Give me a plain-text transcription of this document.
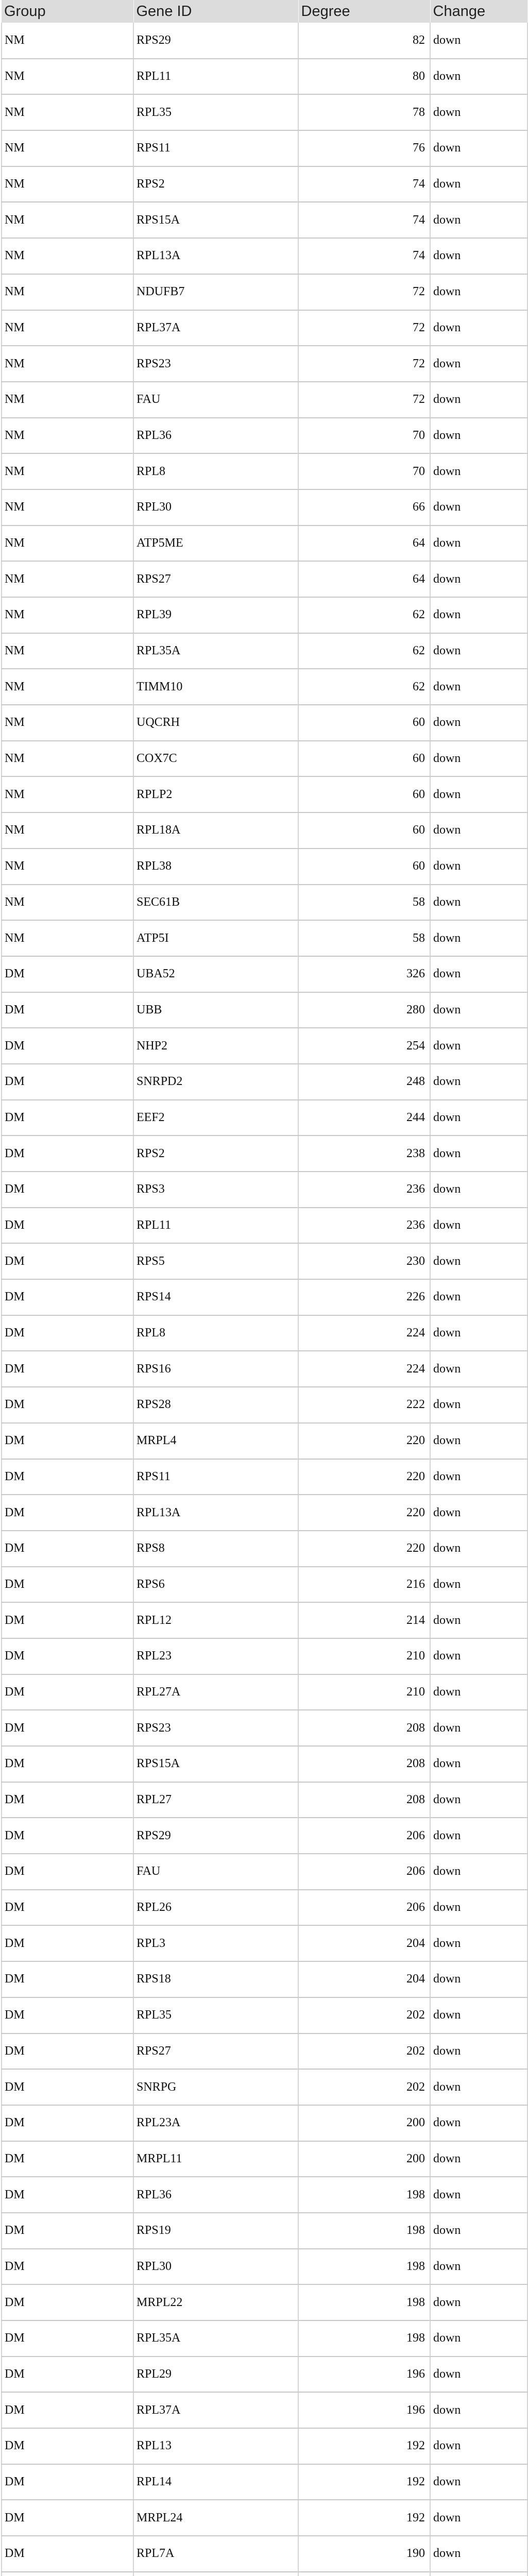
Group	Gene ID	Degree	Change
NM	RPS29	82	down
NM	RPL11	80	down
NM	RPL35	78	down
NM	RPS11	76	down
NM	RPS2	74	down
NM	RPS15A	74	down
NM	RPL13A	74	down
NM	NDUFB7	72	down
NM	RPL37A	72	down
NM	RPS23	72	down
NM	FAU	72	down
NM	RPL36	70	down
NM	RPL8	70	down
NM	RPL30	66	down
NM	ATP5ME	64	down
NM	RPS27	64	down
NM	RPL39	62	down
NM	RPL35A	62	down
NM	TIMM10	62	down
NM	UQCRH	60	down
NM	COX7C	60	down
NM	RPLP2	60	down
NM	RPL18A	60	down
NM	RPL38	60	down
NM	SEC61B	58	down
NM	ATP5I	58	down
DM	UBA52	326	down
DM	UBB	280	down
DM	NHP2	254	down
DM	SNRPD2	248	down
DM	EEF2	244	down
DM	RPS2	238	down
DM	RPS3	236	down
DM	RPL11	236	down
DM	RPS5	230	down
DM	RPS14	226	down
DM	RPL8	224	down
DM	RPS16	224	down
DM	RPS28	222	down
DM	MRPL4	220	down
DM	RPS11	220	down
DM	RPL13A	220	down
DM	RPS8	220	down
DM	RPS6	216	down
DM	RPL12	214	down
DM	RPL23	210	down
DM	RPL27A	210	down
DM	RPS23	208	down
DM	RPS15A	208	down
DM	RPL27	208	down
DM	RPS29	206	down
DM	FAU	206	down
DM	RPL26	206	down
DM	RPL3	204	down
DM	RPS18	204	down
DM	RPL35	202	down
DM	RPS27	202	down
DM	SNRPG	202	down
DM	RPL23A	200	down
DM	MRPL11	200	down
DM	RPL36	198	down
DM	RPS19	198	down
DM	RPL30	198	down
DM	MRPL22	198	down
DM	RPL35A	198	down
DM	RPL29	196	down
DM	RPL37A	196	down
DM	RPL13	192	down
DM	RPL14	192	down
DM	MRPL24	192	down
DM	RPL7A	190	down
